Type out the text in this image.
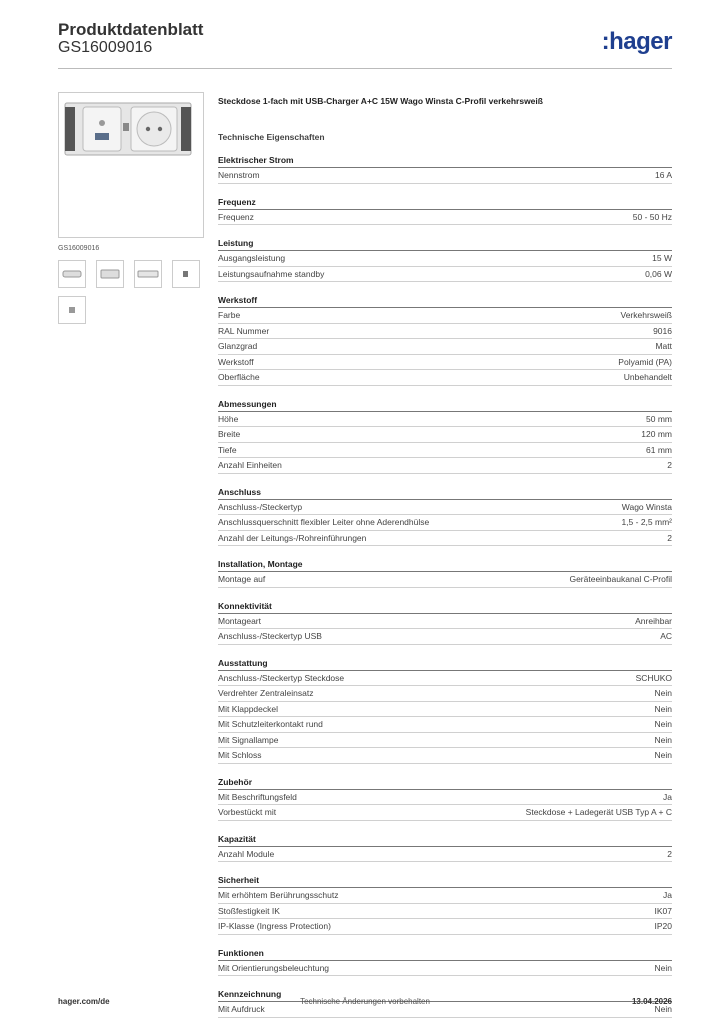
Produktdatenblatt
GS16009016	:hager
GS16009016
Steckdose 1-fach mit USB-Charger A+C 15W Wago Winsta C-Profil verkehrsweiß
Technische Eigenschaften
Elektrischer Strom
Nennstrom	16 A
Frequenz
Frequenz	50 - 50 Hz
Leistung
Ausgangsleistung	15 W
Leistungsaufnahme standby	0,06 W
Werkstoff
Farbe	Verkehrsweiß
RAL Nummer	9016
Glanzgrad	Matt
Werkstoff	Polyamid (PA)
Oberfläche	Unbehandelt
Abmessungen
Höhe	50 mm
Breite	120 mm
Tiefe	61 mm
Anzahl Einheiten	2
Anschluss
Anschluss-/Steckertyp	Wago Winsta
Anschlussquerschnitt flexibler Leiter ohne Aderendhülse	1,5 - 2,5 mm²
Anzahl der Leitungs-/Rohreinführungen	2
Installation, Montage
Montage auf	Geräteeinbaukanal C-Profil
Konnektivität
Montageart	Anreihbar
Anschluss-/Steckertyp USB	AC
Ausstattung
Anschluss-/Steckertyp Steckdose	SCHUKO
Verdrehter Zentraleinsatz	Nein
Mit Klappdeckel	Nein
Mit Schutzleiterkontakt rund	Nein
Mit Signallampe	Nein
Mit Schloss	Nein
Zubehör
Mit Beschriftungsfeld	Ja
Vorbestückt mit	Steckdose + Ladegerät USB Typ A + C
Kapazität
Anzahl Module	2
Sicherheit
Mit erhöhtem Berührungsschutz	Ja
Stoßfestigkeit IK	IK07
IP-Klasse (Ingress Protection)	IP20
Funktionen
Mit Orientierungsbeleuchtung	Nein
Kennzeichnung
Mit Aufdruck	Nein
hager.com/de	Technische Änderungen vorbehalten	13.04.2026
